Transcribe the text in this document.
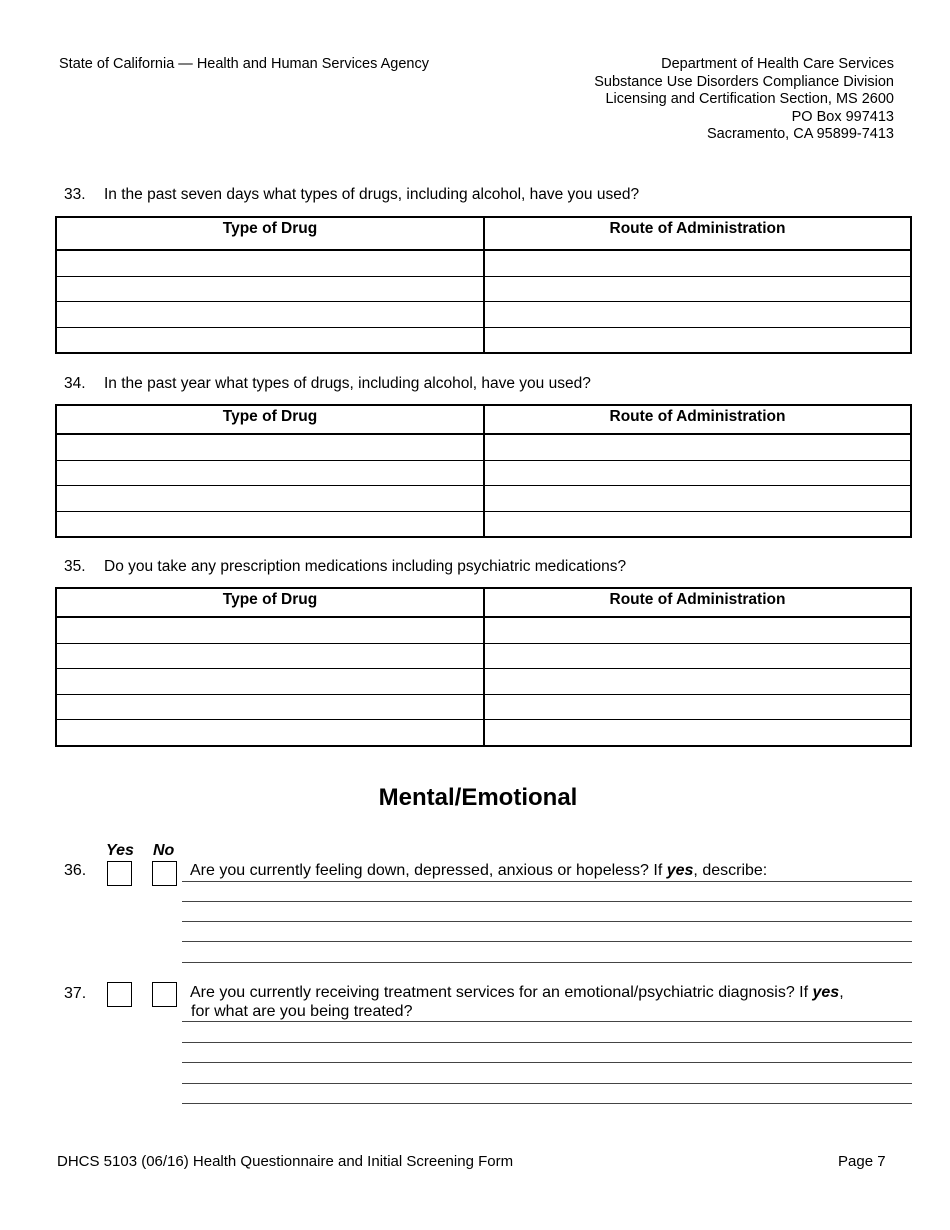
State of California — Health and Human Services Agency	Department of Health Care Services
Substance Use Disorders Compliance Division
Licensing and Certification Section, MS 2600
PO Box 997413
Sacramento, CA 95899-7413
33. In the past seven days what types of drugs, including alcohol, have you used?
Type of Drug	Route of Administration

34. In the past year what types of drugs, including alcohol, have you used?
Type of Drug	Route of Administration

35. Do you take any prescription medications including psychiatric medications?
Type of Drug	Route of Administration

Mental/Emotional
Yes No
36.	Are you currently feeling down, depressed, anxious or hopeless? If yes, describe:
37.	Are you currently receiving treatment services for an emotional/psychiatric diagnosis? If yes,
for what are you being treated?
DHCS 5103 (06/16) Health Questionnaire and Initial Screening Form	Page 7
